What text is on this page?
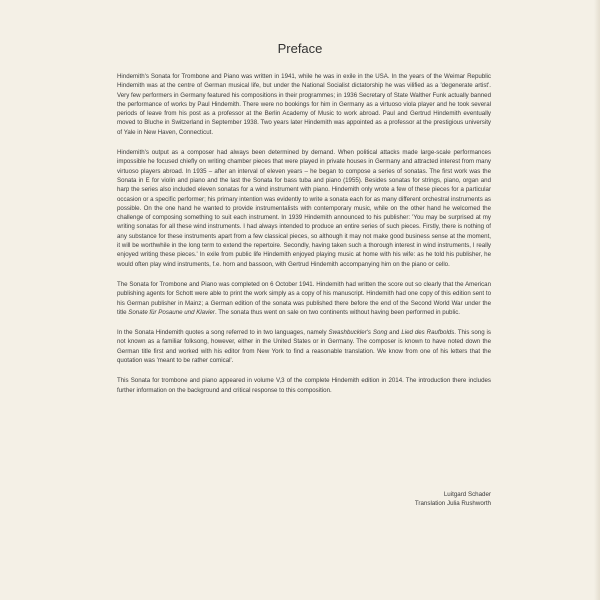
Preface

Hindemith's Sonata for Trombone and Piano was written in 1941, while he was in exile in the USA. In the years of the Weimar Republic Hindemith was at the centre of German musical life, but under the National Socialist dictatorship he was vilified as a 'degenerate artist'. Very few performers in Germany featured his compositions in their programmes; in 1936 Secretary of State Walther Funk actually banned the performance of works by Paul Hindemith. There were no bookings for him in Germany as a virtuoso viola player and he took several periods of leave from his post as a professor at the Berlin Academy of Music to work abroad. Paul and Gertrud Hindemith eventually moved to Bluche in Switzerland in September 1938. Two years later Hindemith was appointed as a professor at the prestigious university of Yale in New Haven, Connecticut.

Hindemith's output as a composer had always been determined by demand. When political attacks made large-scale performances impossible he focused chiefly on writing chamber pieces that were played in private houses in Germany and attracted interest from many virtuoso players abroad. In 1935 – after an interval of eleven years – he began to compose a series of sonatas. The first work was the Sonata in E for violin and piano and the last the Sonata for bass tuba and piano (1955). Besides sonatas for strings, piano, organ and harp the series also included eleven sonatas for a wind instrument with piano. Hindemith only wrote a few of these pieces for a particular occasion or a specific performer; his primary intention was evidently to write a sonata each for as many different orchestral instruments as possible. On the one hand he wanted to provide instrumentalists with contemporary music, while on the other hand he welcomed the challenge of composing something to suit each instrument. In 1939 Hindemith announced to his publisher: 'You may be surprised at my writing sonatas for all these wind instruments. I had always intended to produce an entire series of such pieces. Firstly, there is nothing of any substance for these instruments apart from a few classical pieces, so although it may not make good business sense at the moment, it will be worthwhile in the long term to extend the repertoire. Secondly, having taken such a thorough interest in wind instruments, I really enjoyed writing these pieces.' In exile from public life Hindemith enjoyed playing music at home with his wife: as he told his publisher, he would often play wind instruments, f.e. horn and bassoon, with Gertrud Hindemith accompanying him on the piano or cello.

The Sonata for Trombone and Piano was completed on 6 October 1941. Hindemith had written the score out so clearly that the American publishing agents for Schott were able to print the work simply as a copy of his manuscript. Hindemith had one copy of this edition sent to his German publisher in Mainz; a German edition of the sonata was published there before the end of the Second World War under the title Sonate für Posaune und Klavier. The sonata thus went on sale on two continents without having been performed in public.

In the Sonata Hindemith quotes a song referred to in two languages, namely Swashbuckler's Song and Lied des Raufbolds. This song is not known as a familiar folksong, however, either in the United States or in Germany. The composer is known to have noted down the German title first and worked with his editor from New York to find a reasonable translation. We know from one of his letters that the quotation was 'meant to be rather comical'.

This Sonata for trombone and piano appeared in volume V,3 of the complete Hindemith edition in 2014. The introduction there includes further information on the background and critical response to this composition.

Luitgard Schader
Translation Julia Rushworth
